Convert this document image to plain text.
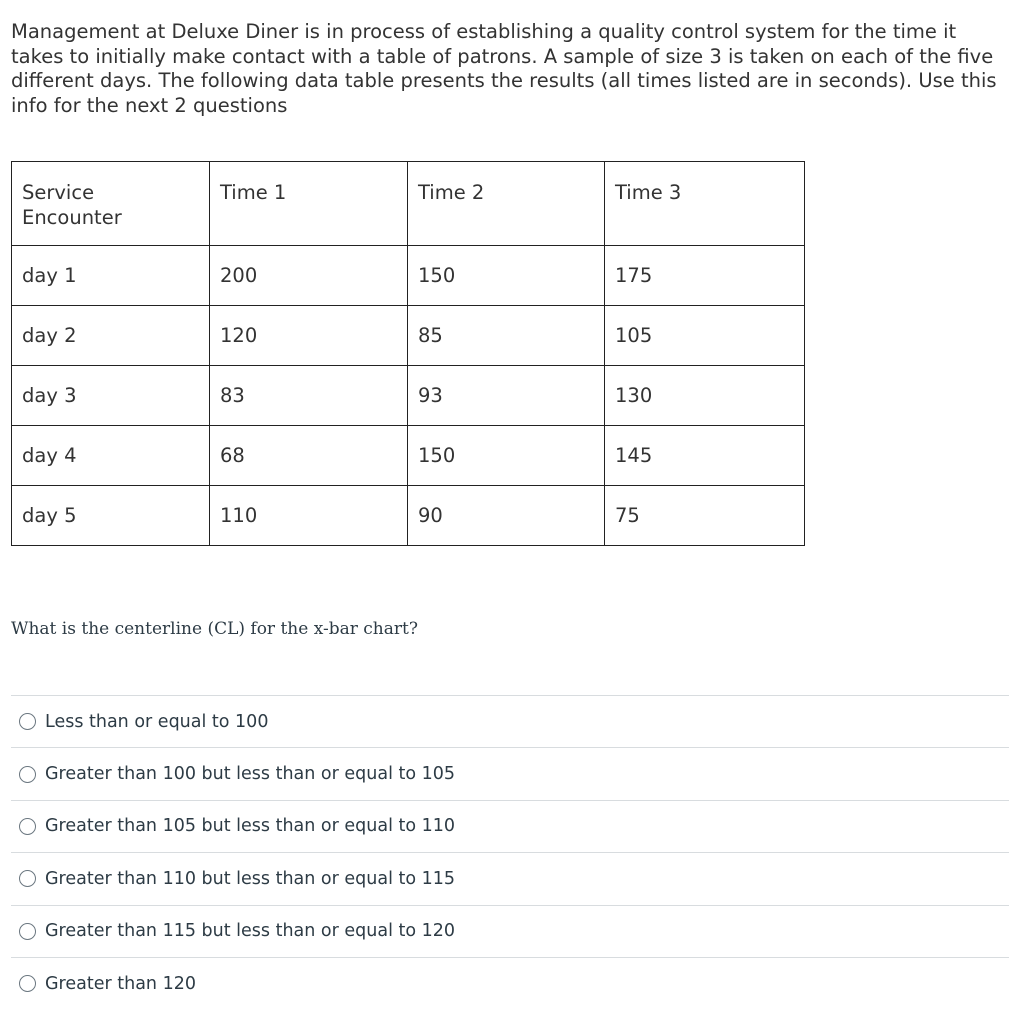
Management at Deluxe Diner is in process of establishing a quality control system for the time it takes to initially make contact with a table of patrons. A sample of size 3 is taken on each of the five different days. The following data table presents the results (all times listed are in seconds). Use this info for the next 2 questions

Service Encounter	Time 1	Time 2	Time 3
day 1	200	150	175
day 2	120	85	105
day 3	83	93	130
day 4	68	150	145
day 5	110	90	75

What is the centerline (CL) for the x-bar chart?

Less than or equal to 100
Greater than 100 but less than or equal to 105
Greater than 105 but less than or equal to 110
Greater than 110 but less than or equal to 115
Greater than 115 but less than or equal to 120
Greater than 120
